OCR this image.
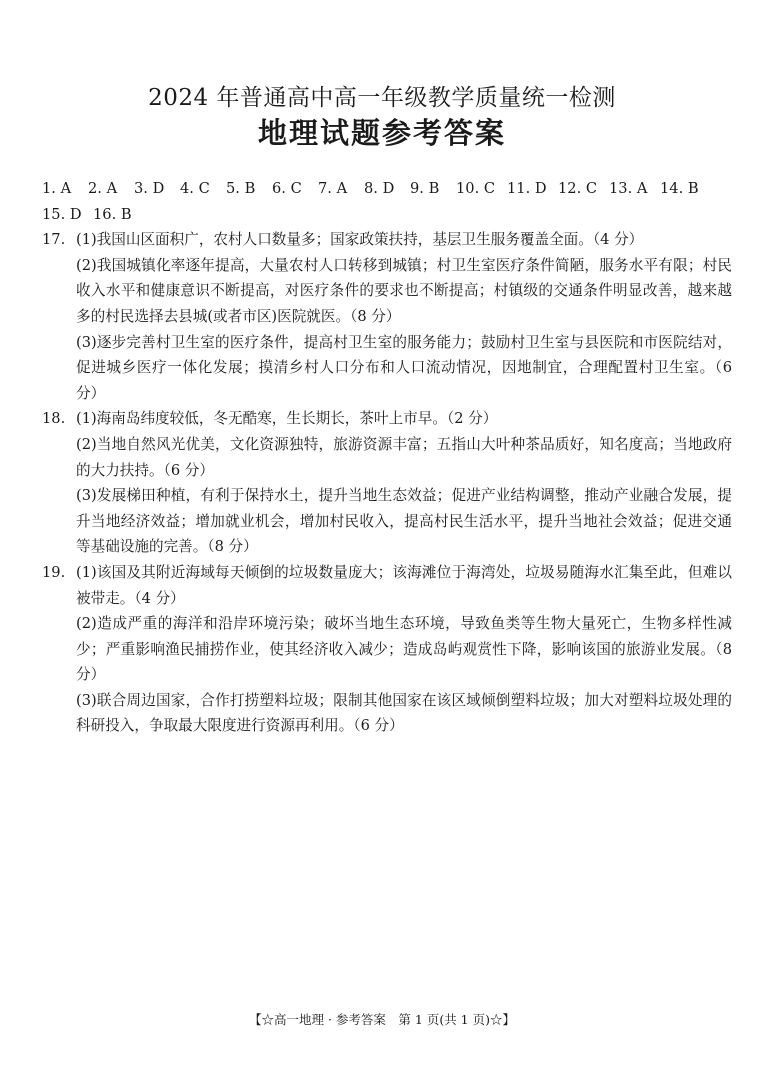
2024 年普通高中高一年级教学质量统一检测
地理试题参考答案
1. A	2. A	3. D	4. C	5. B	6. C	7. A	8. D	9. B	10. C 11. D 12. C 13. A 14. B
15. D 16. B
17. (1)我国山区面积广，农村人口数量多；国家政策扶持，基层卫生服务覆盖全面。（4 分）
(2)我国城镇化率逐年提高，大量农村人口转移到城镇；村卫生室医疗条件简陋，服务水平有限；村民收入水平和健康意识不断提高，对医疗条件的要求也不断提高；村镇级的交通条件明显改善，越来越多的村民选择去县城(或者市区)医院就医。（8 分）
(3)逐步完善村卫生室的医疗条件，提高村卫生室的服务能力；鼓励村卫生室与县医院和市医院结对，促进城乡医疗一体化发展；摸清乡村人口分布和人口流动情况，因地制宜，合理配置村卫生室。（6 分）
18. (1)海南岛纬度较低，冬无酷寒，生长期长，茶叶上市早。（2 分）
(2)当地自然风光优美，文化资源独特，旅游资源丰富；五指山大叶种茶品质好，知名度高；当地政府的大力扶持。（6 分）
(3)发展梯田种植，有利于保持水土，提升当地生态效益；促进产业结构调整，推动产业融合发展，提升当地经济效益；增加就业机会，增加村民收入，提高村民生活水平，提升当地社会效益；促进交通等基础设施的完善。（8 分）
19. (1)该国及其附近海域每天倾倒的垃圾数量庞大；该海滩位于海湾处，垃圾易随海水汇集至此，但难以被带走。（4 分）
(2)造成严重的海洋和沿岸环境污染；破坏当地生态环境，导致鱼类等生物大量死亡，生物多样性减少；严重影响渔民捕捞作业，使其经济收入减少；造成岛屿观赏性下降，影响该国的旅游业发展。（8 分）
(3)联合周边国家，合作打捞塑料垃圾；限制其他国家在该区域倾倒塑料垃圾；加大对塑料垃圾处理的科研投入，争取最大限度进行资源再利用。（6 分）
【☆高一地理 · 参考答案　第 1 页(共 1 页)☆】
